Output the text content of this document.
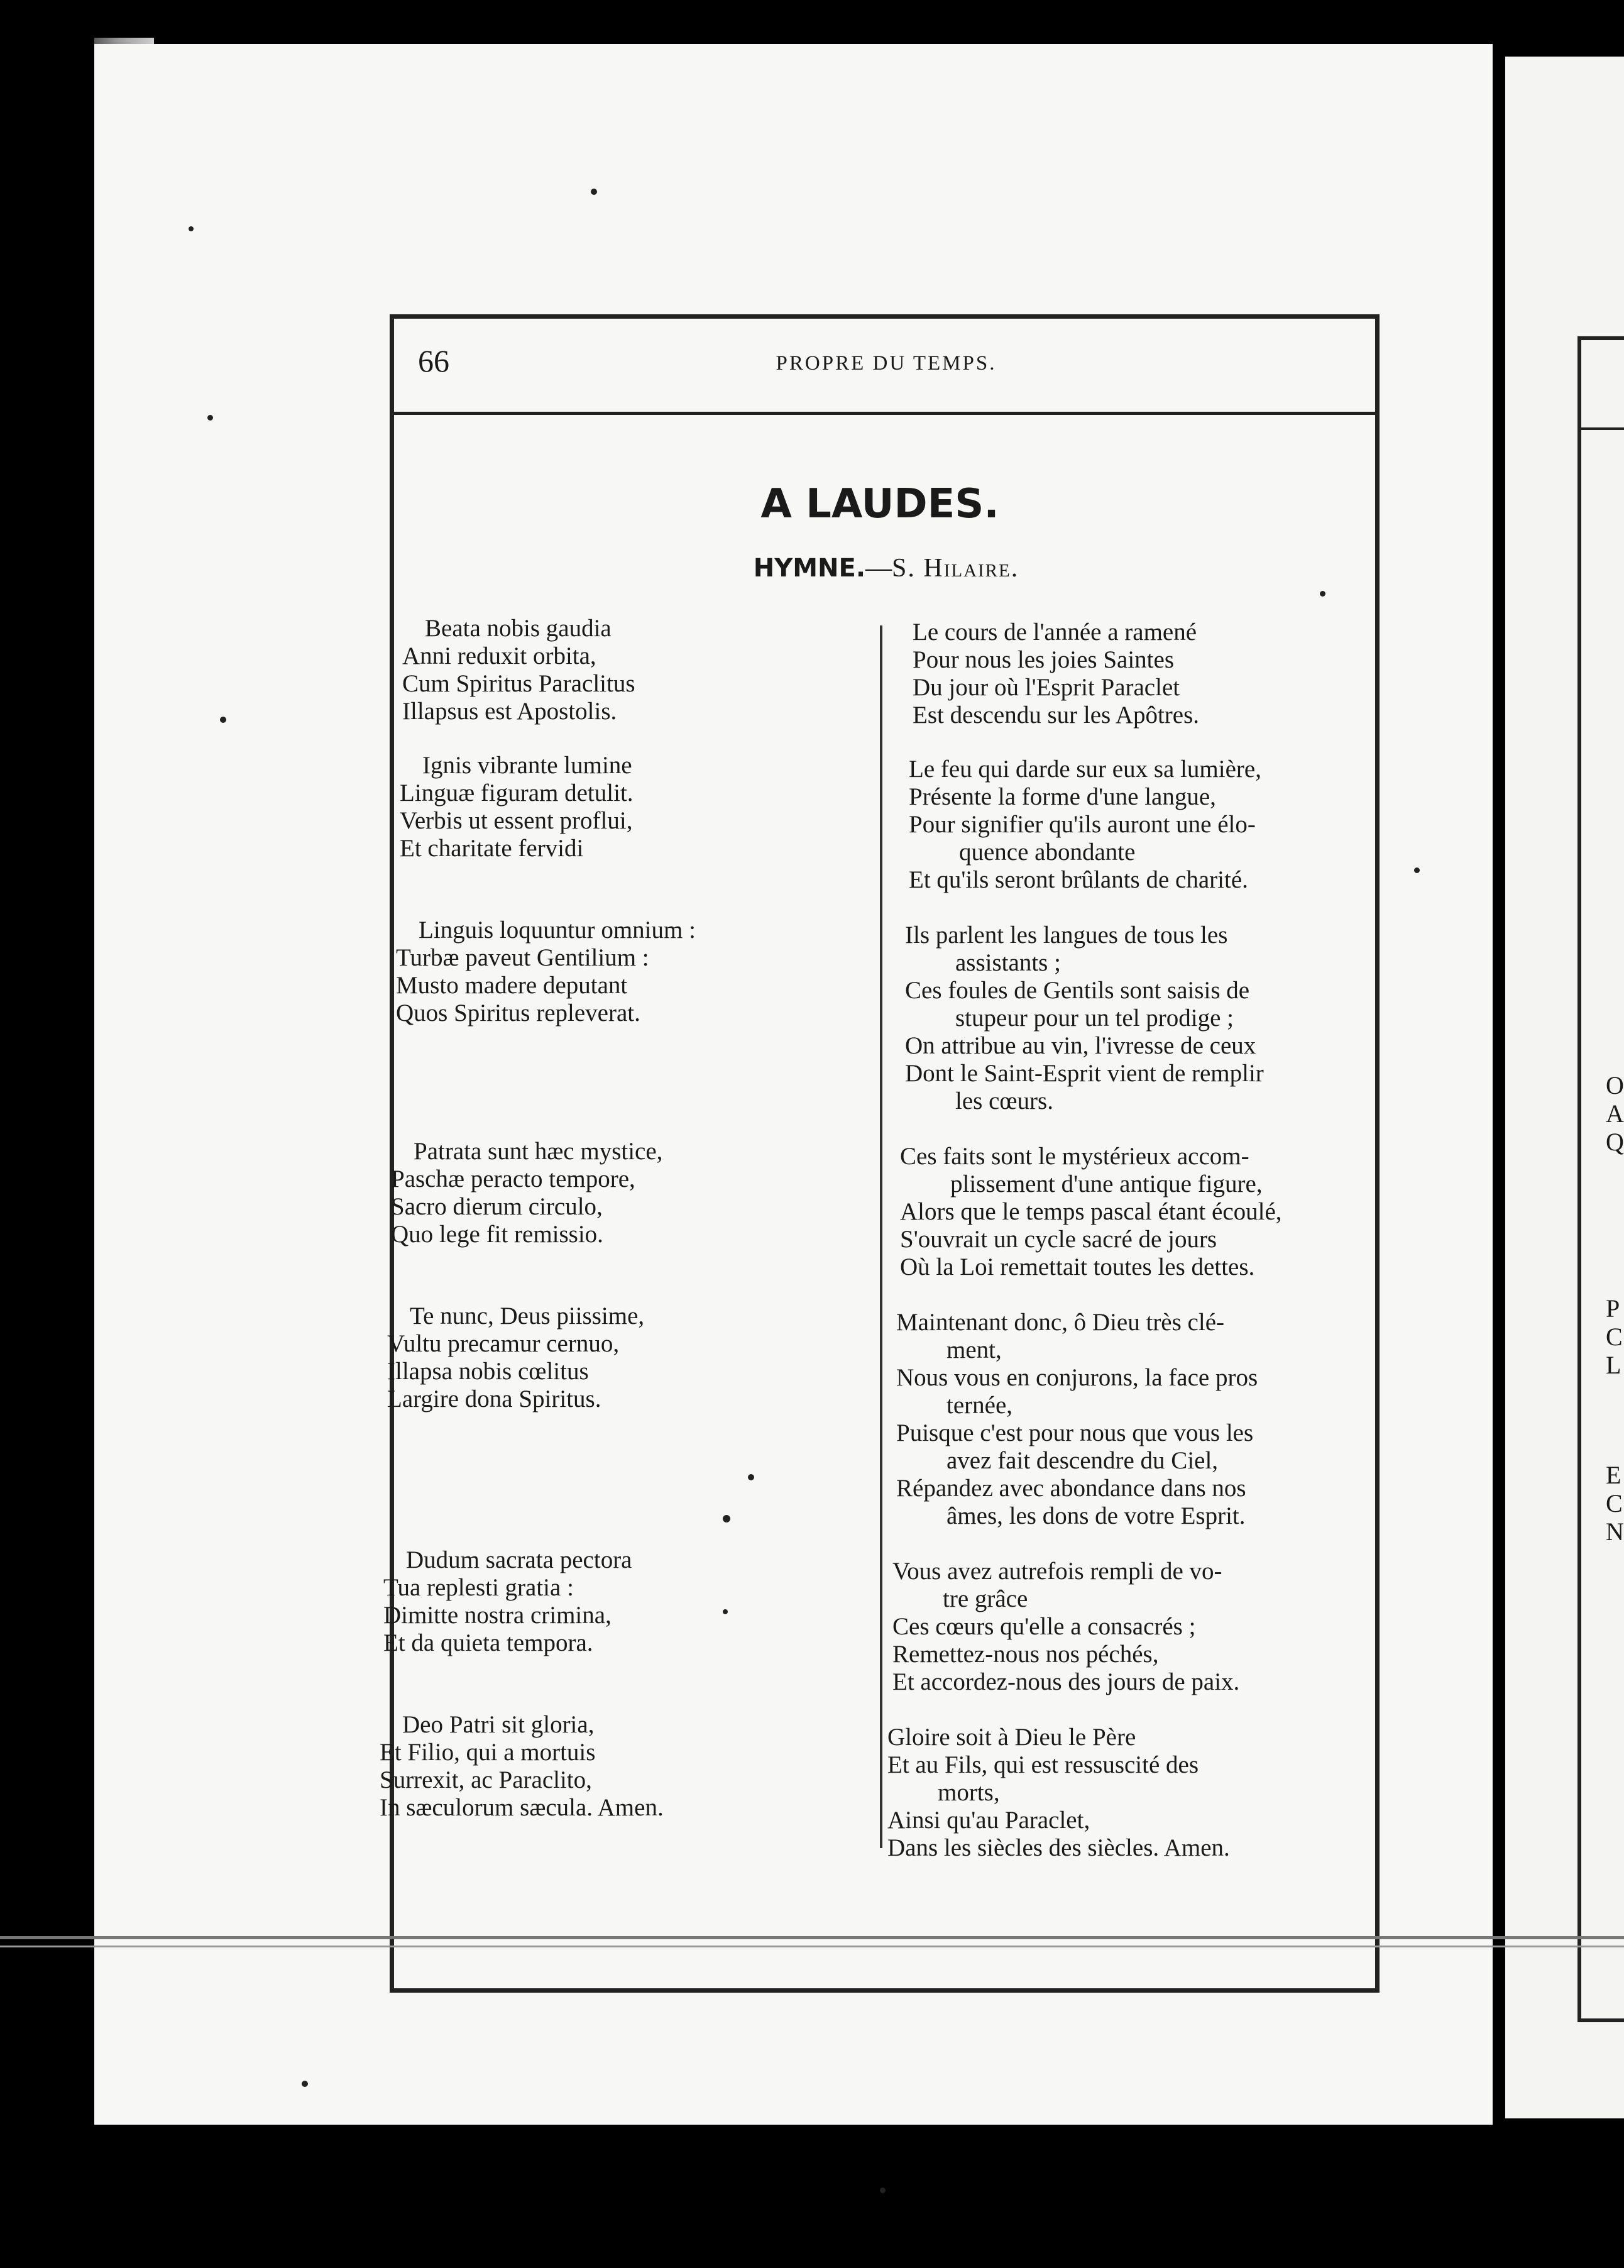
O
A
Q
P
C
L
E
C
N
66	PROPRE DU TEMPS.
A LAUDES.
HYMNE.—S. Hilaire.
Beata nobis gaudia
Anni reduxit orbita,
Cum Spiritus Paraclitus
Illapsus est Apostolis.
Ignis vibrante lumine
Linguæ figuram detulit.
Verbis ut essent proflui,
Et charitate fervidi
Linguis loquuntur omnium :
Turbæ paveut Gentilium :
Musto madere deputant
Quos Spiritus repleverat.
Patrata sunt hæc mystice,
Paschæ peracto tempore,
Sacro dierum circulo,
Quo lege fit remissio.
Te nunc, Deus piissime,
Vultu precamur cernuo,
Illapsa nobis cœlitus
Largire dona Spiritus.
Dudum sacrata pectora
Tua replesti gratia :
Dimitte nostra crimina,
Et da quieta tempora.
Deo Patri sit gloria,
Et Filio, qui a mortuis
Surrexit, ac Paraclito,
In sæculorum sæcula. Amen.
Le cours de l'année a ramené
Pour nous les joies Saintes
Du jour où l'Esprit Paraclet
Est descendu sur les Apôtres.
Le feu qui darde sur eux sa lumière,
Présente la forme d'une langue,
Pour signifier qu'ils auront une élo-
quence abondante
Et qu'ils seront brûlants de charité.
Ils parlent les langues de tous les
assistants ;
Ces foules de Gentils sont saisis de
stupeur pour un tel prodige ;
On attribue au vin, l'ivresse de ceux
Dont le Saint-Esprit vient de remplir
les cœurs.
Ces faits sont le mystérieux accom-
plissement d'une antique figure,
Alors que le temps pascal étant écoulé,
S'ouvrait un cycle sacré de jours
Où la Loi remettait toutes les dettes.
Maintenant donc, ô Dieu très clé-
ment,
Nous vous en conjurons, la face pros
ternée,
Puisque c'est pour nous que vous les
avez fait descendre du Ciel,
Répandez avec abondance dans nos
âmes, les dons de votre Esprit.
Vous avez autrefois rempli de vo-
tre grâce
Ces cœurs qu'elle a consacrés ;
Remettez-nous nos péchés,
Et accordez-nous des jours de paix.
Gloire soit à Dieu le Père
Et au Fils, qui est ressuscité des
morts,
Ainsi qu'au Paraclet,
Dans les siècles des siècles. Amen.
